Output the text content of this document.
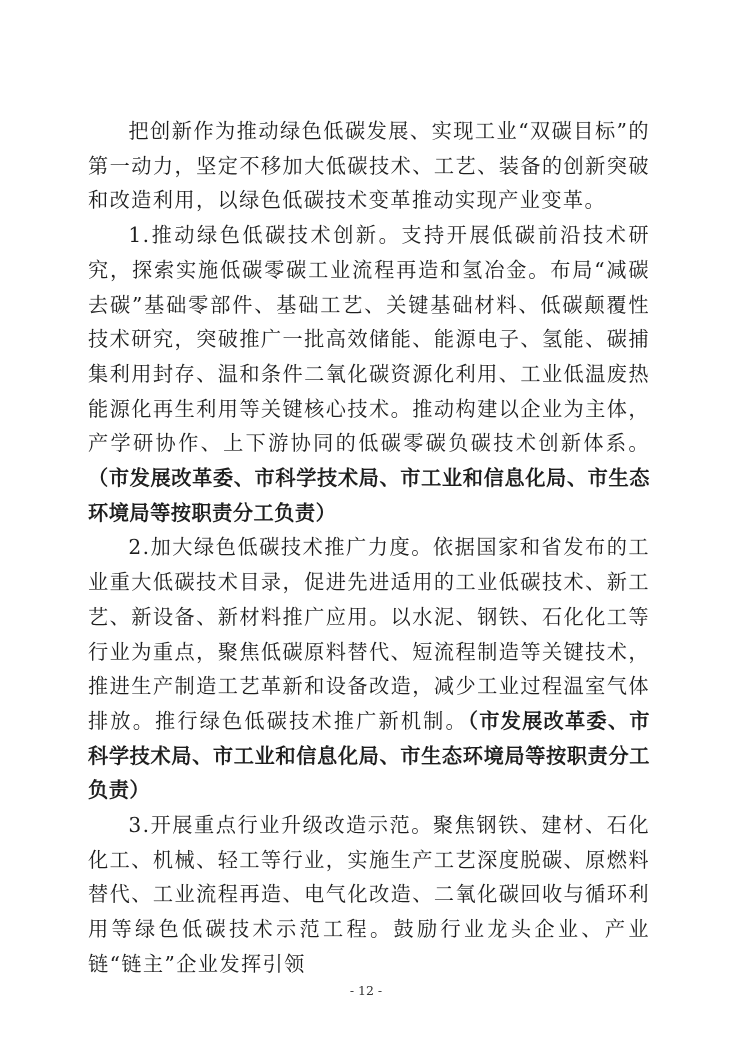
把创新作为推动绿色低碳发展、实现工业“双碳目标”的第一动力，坚定不移加大低碳技术、工艺、装备的创新突破和改造利用，以绿色低碳技术变革推动实现产业变革。

1.推动绿色低碳技术创新。支持开展低碳前沿技术研究，探索实施低碳零碳工业流程再造和氢冶金。布局“减碳去碳”基础零部件、基础工艺、关键基础材料、低碳颠覆性技术研究，突破推广一批高效储能、能源电子、氢能、碳捕集利用封存、温和条件二氧化碳资源化利用、工业低温废热能源化再生利用等关键核心技术。推动构建以企业为主体，产学研协作、上下游协同的低碳零碳负碳技术创新体系。（市发展改革委、市科学技术局、市工业和信息化局、市生态环境局等按职责分工负责）

2.加大绿色低碳技术推广力度。依据国家和省发布的工业重大低碳技术目录，促进先进适用的工业低碳技术、新工艺、新设备、新材料推广应用。以水泥、钢铁、石化化工等行业为重点，聚焦低碳原料替代、短流程制造等关键技术，推进生产制造工艺革新和设备改造，减少工业过程温室气体排放。推行绿色低碳技术推广新机制。（市发展改革委、市科学技术局、市工业和信息化局、市生态环境局等按职责分工负责）

3.开展重点行业升级改造示范。聚焦钢铁、建材、石化化工、机械、轻工等行业，实施生产工艺深度脱碳、原燃料替代、工业流程再造、电气化改造、二氧化碳回收与循环利用等绿色低碳技术示范工程。鼓励行业龙头企业、产业链“链主”企业发挥引领

- 12 -
